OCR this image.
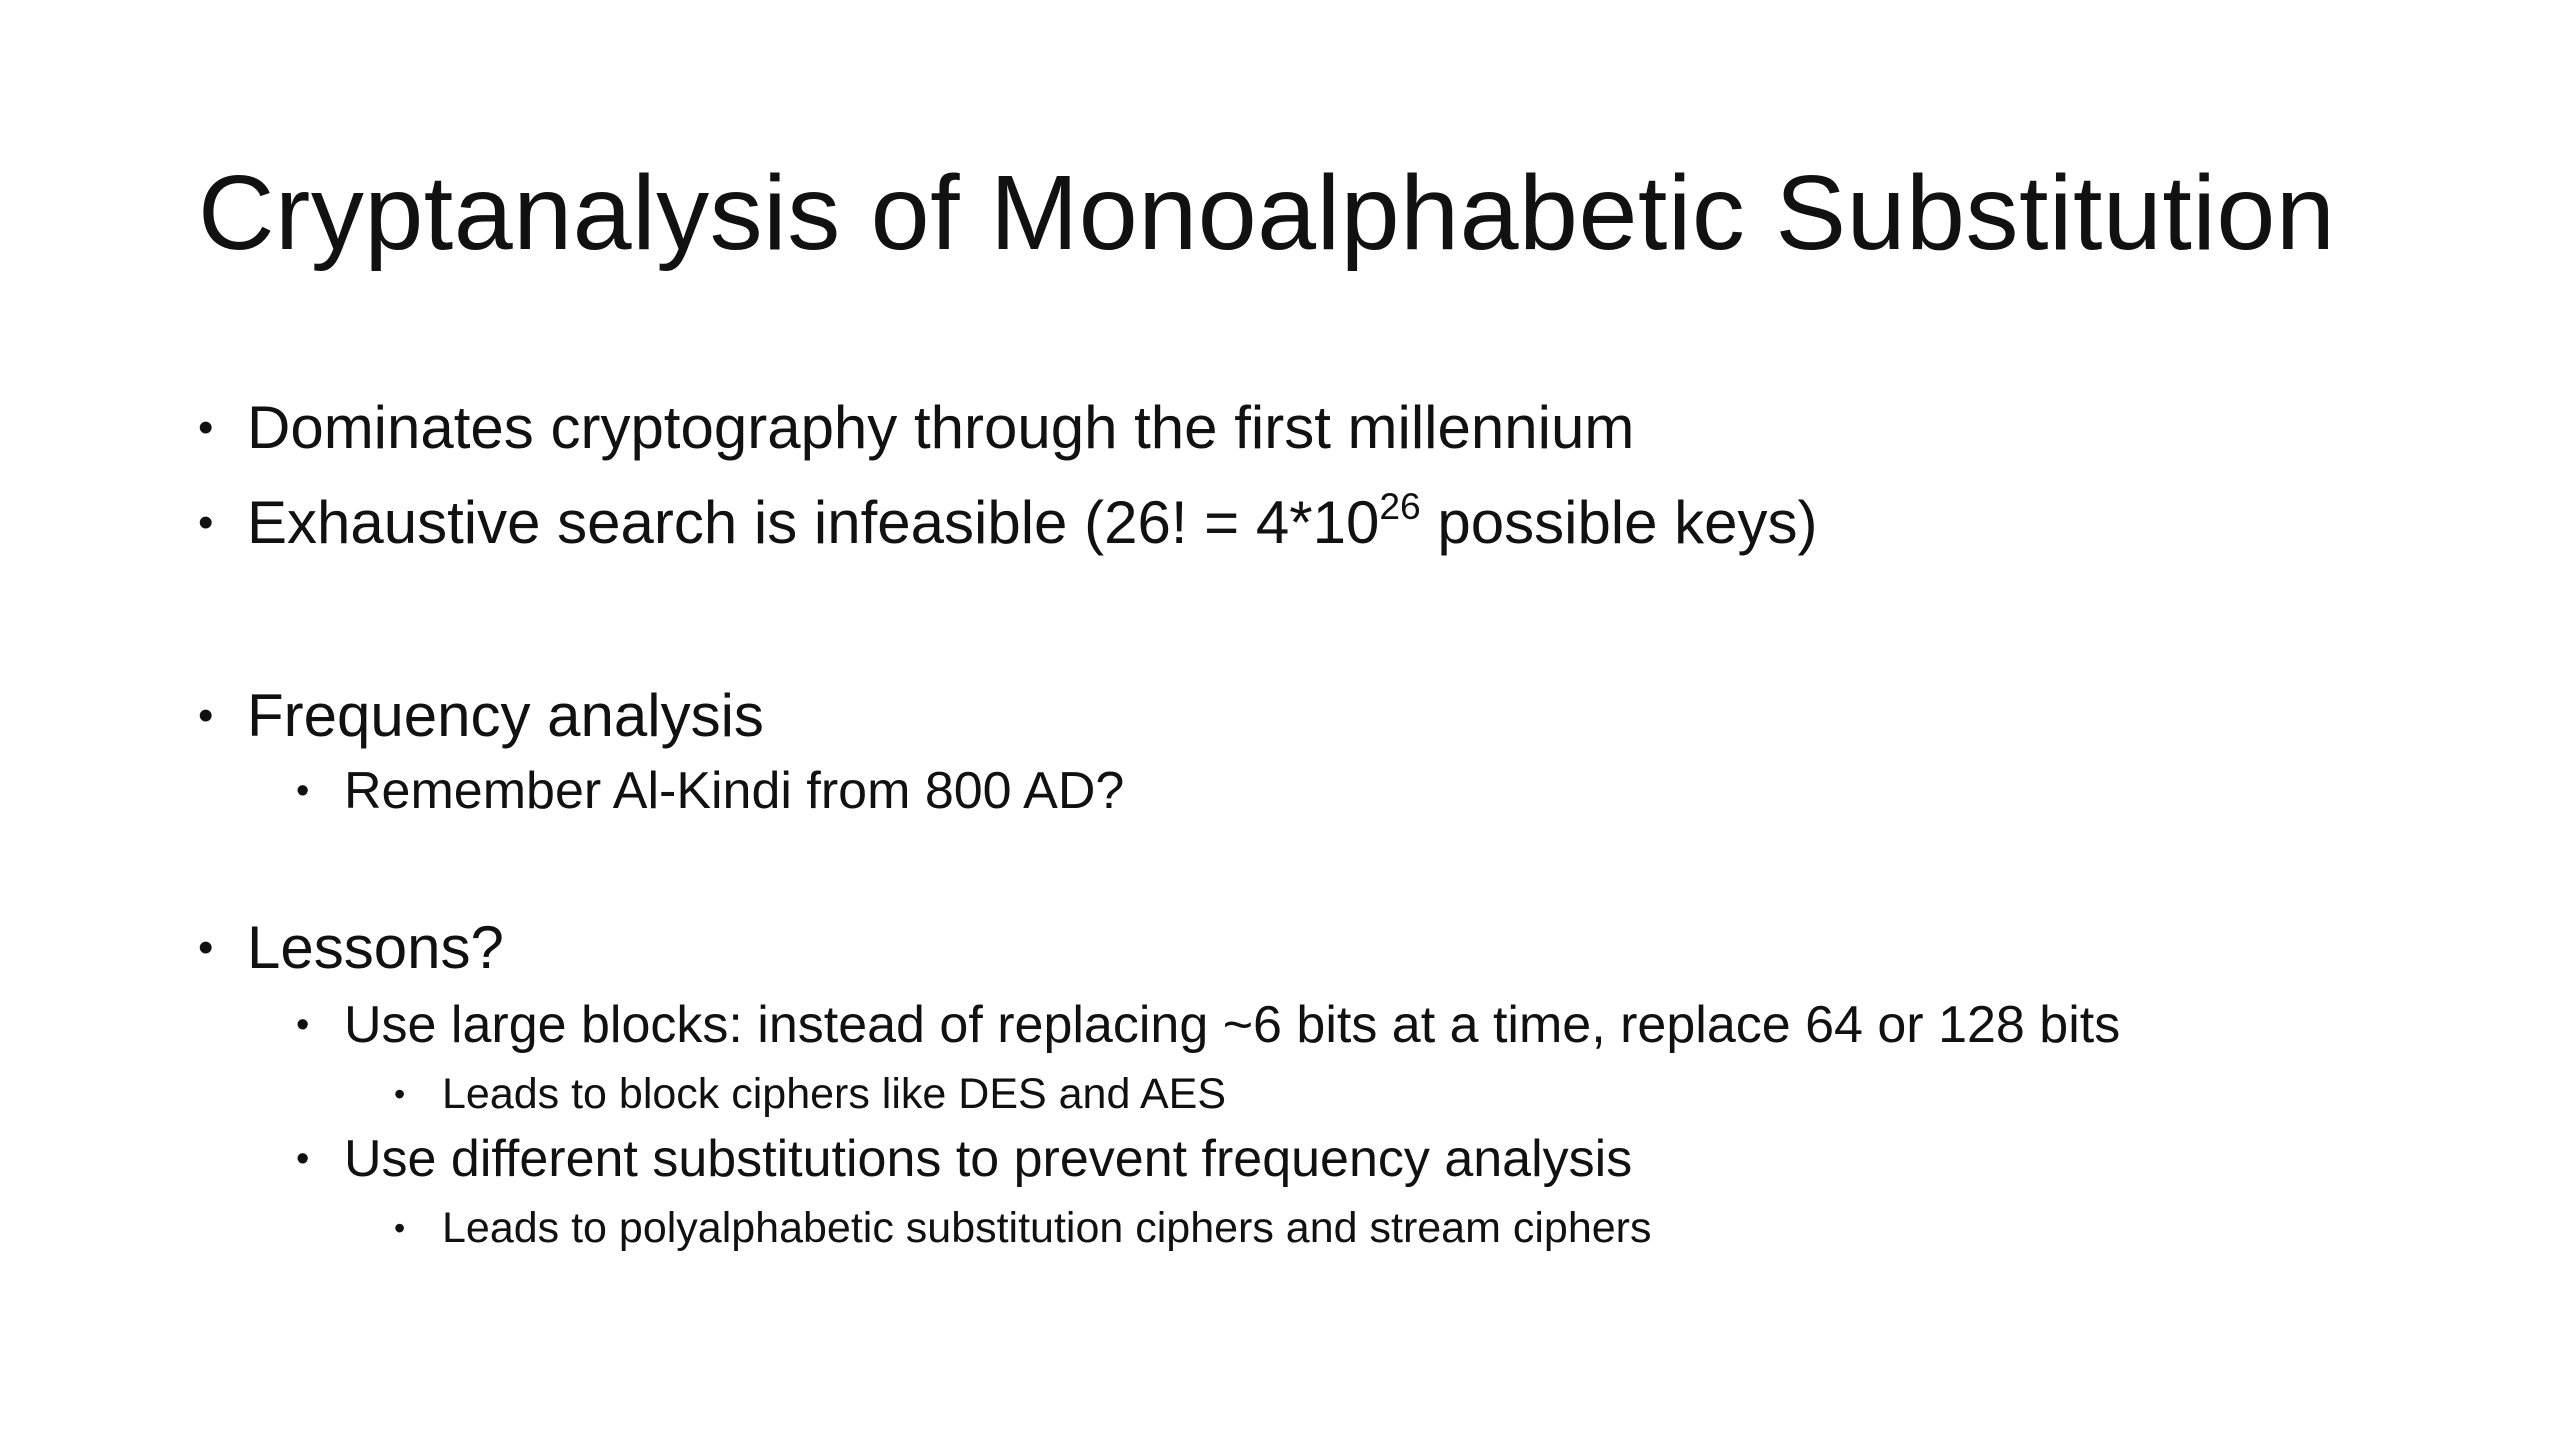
Cryptanalysis of Monoalphabetic Substitution
• Dominates cryptography through the first millennium
• Exhaustive search is infeasible (26! = $4*10^{26}$ possible keys)
• Frequency analysis
• Remember Al-Kindi from 800 AD?
• Lessons?
• Use large blocks: instead of replacing ~6 bits at a time, replace 64 or 128 bits
• Leads to block ciphers like DES and AES
• Use different substitutions to prevent frequency analysis
• Leads to polyalphabetic substitution ciphers and stream ciphers
